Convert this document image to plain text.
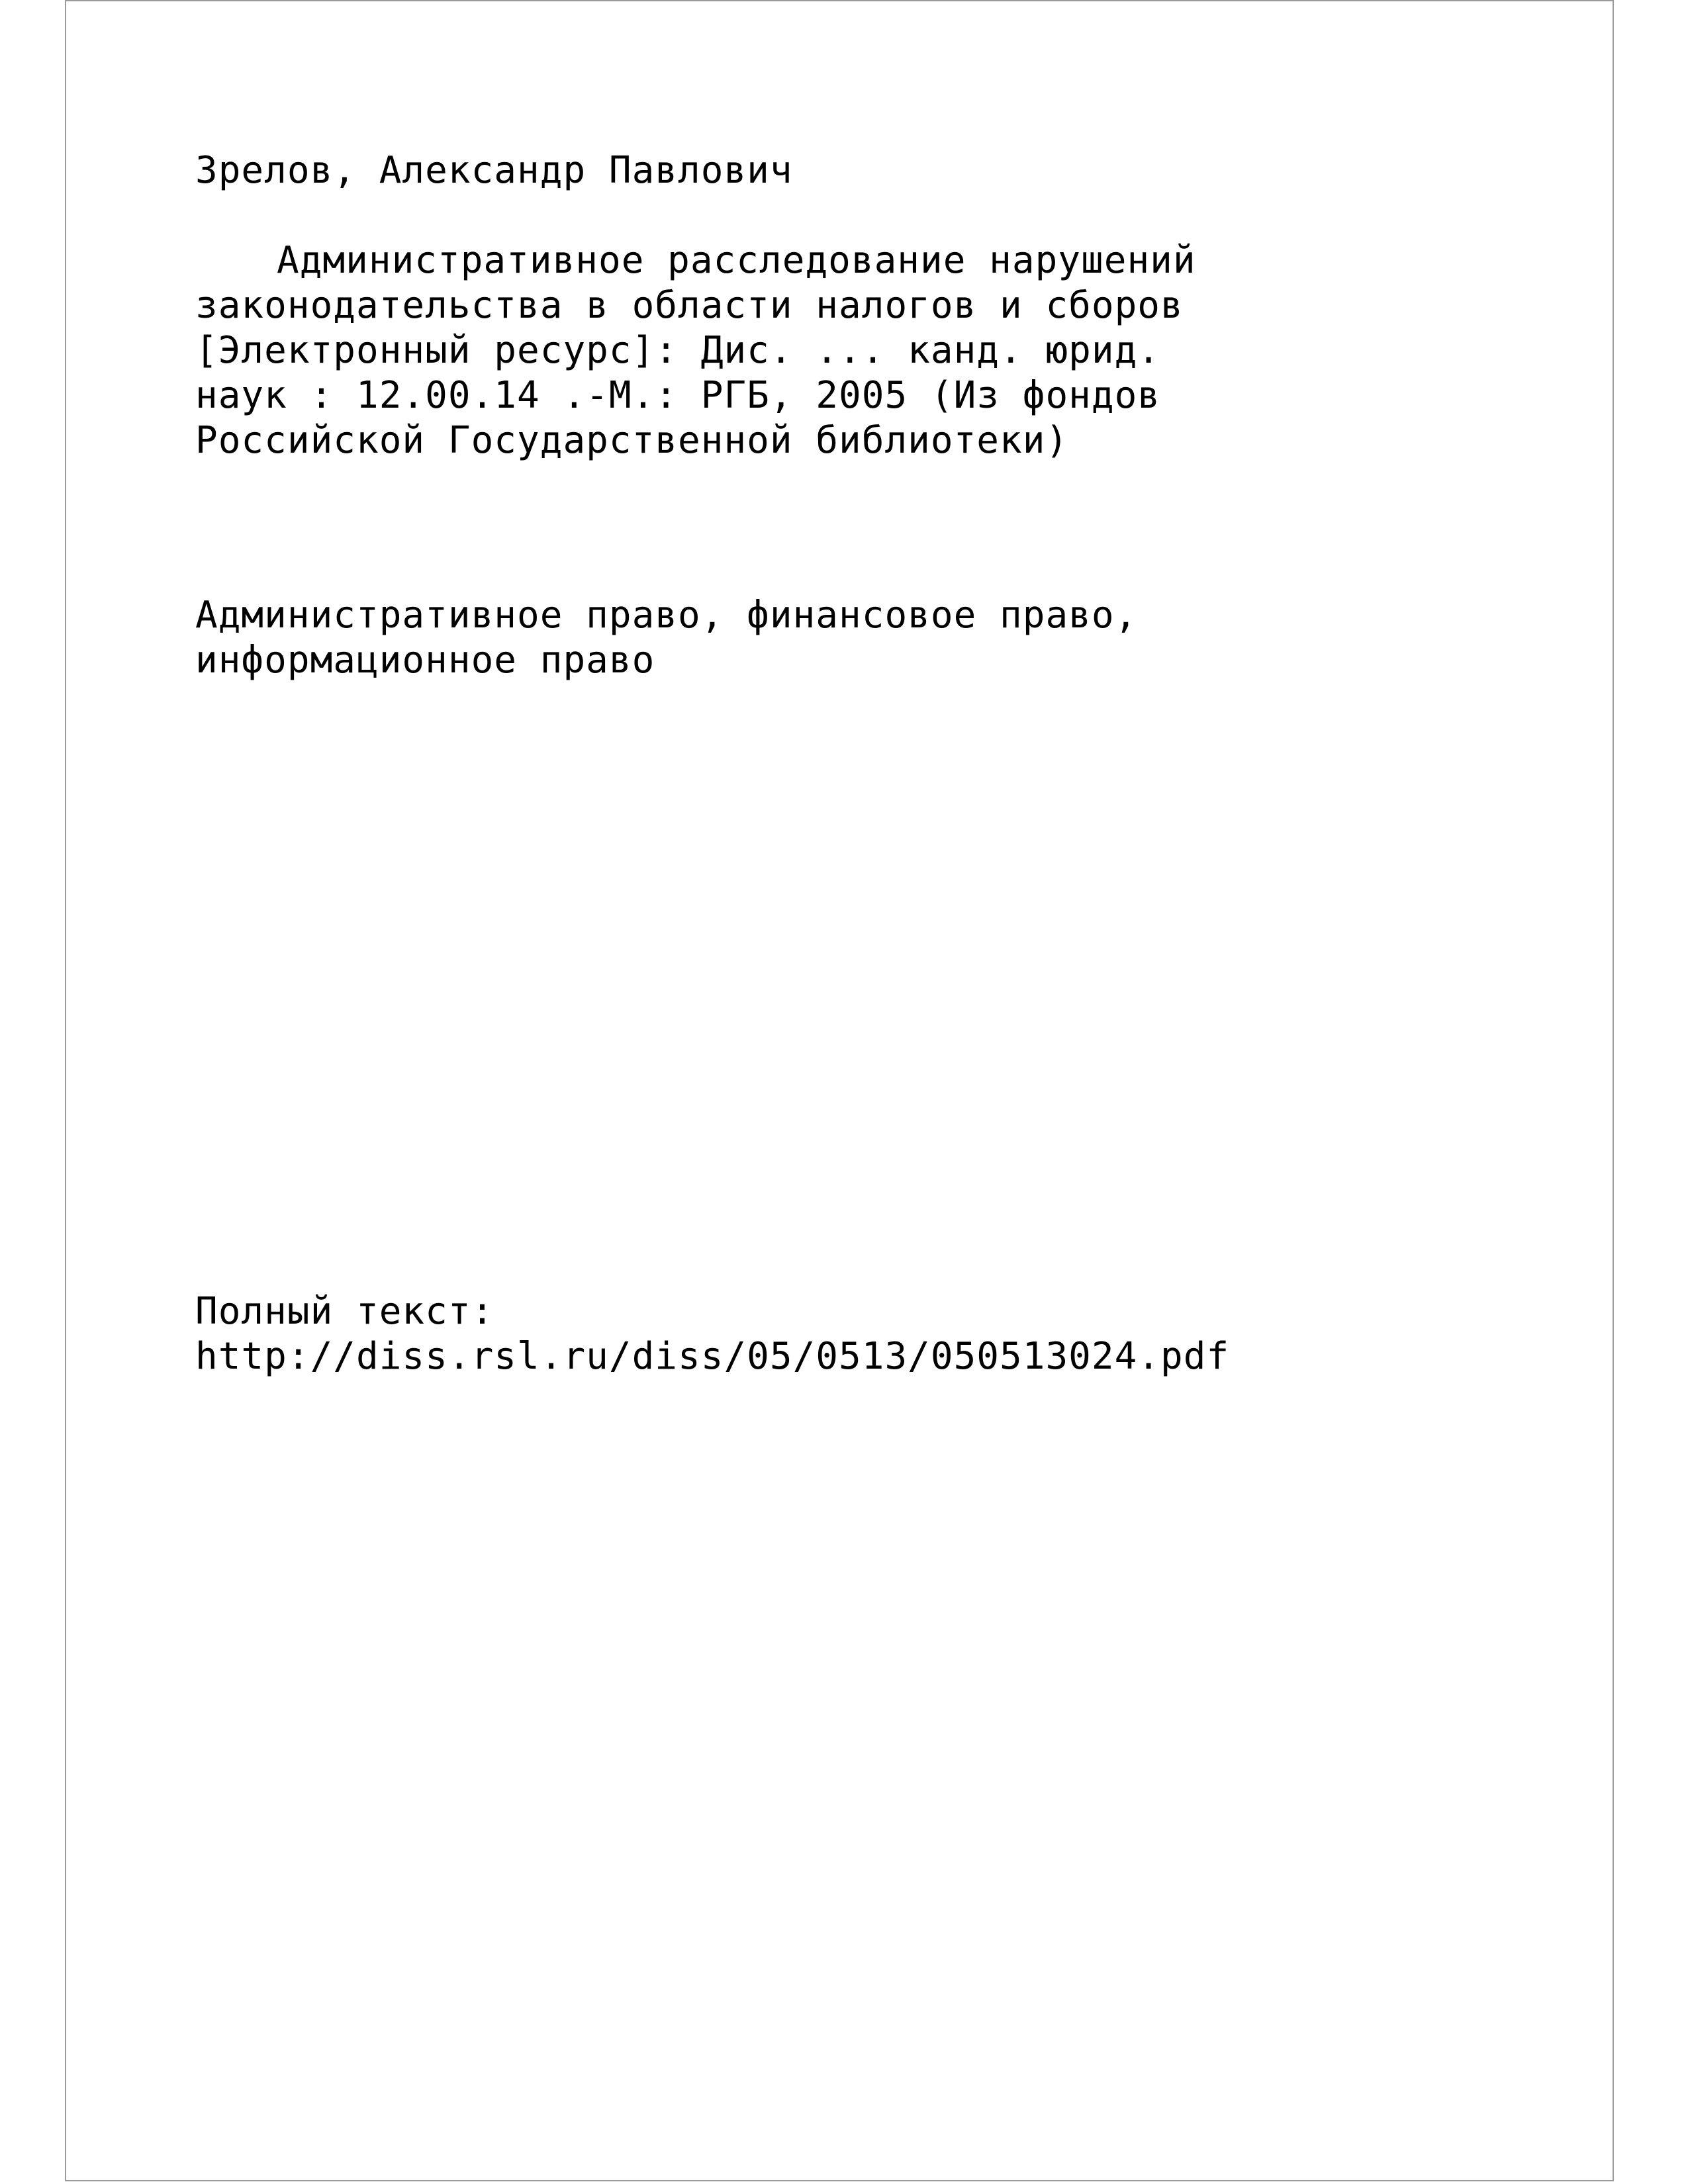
Зрелов, Александр Павлович

Административное расследование нарушений

законодательства в области налогов и сборов

[Электронный ресурс]: Дис. ... канд. юрид.

наук : 12.00.14 .-М.: РГБ, 2005 (Из фондов

Российской Государственной библиотеки)

Административное право, финансовое право,

информационное право

Полный текст:

http://diss.rsl.ru/diss/05/0513/050513024.pdf
